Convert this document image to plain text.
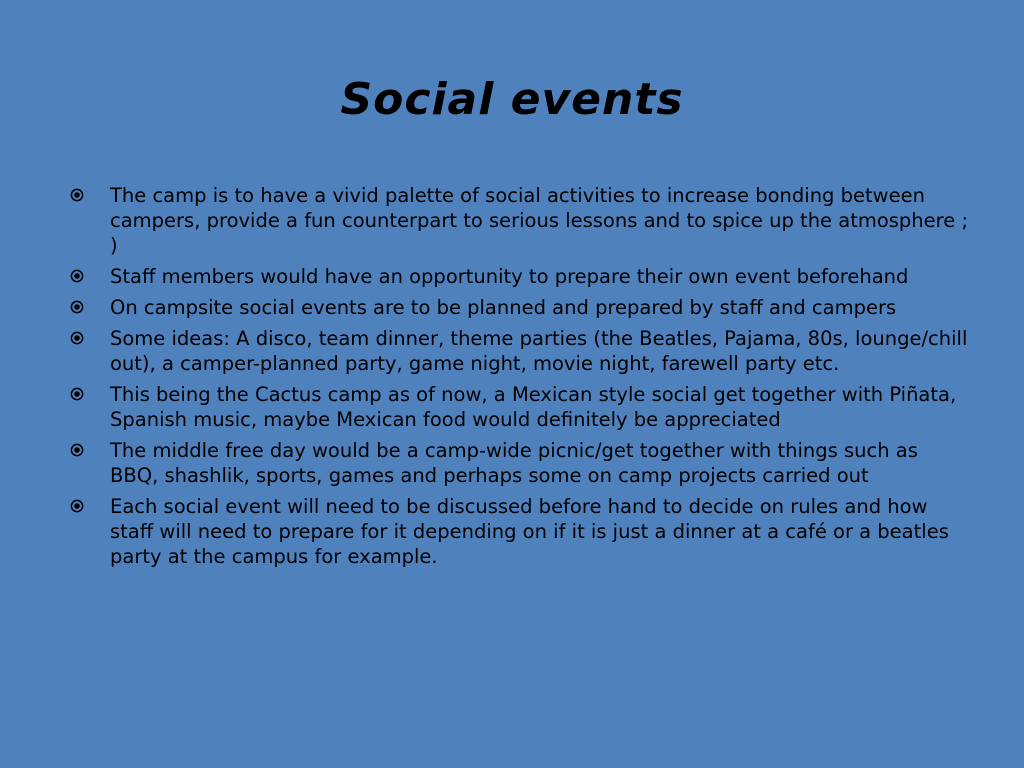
Social events
The camp is to have a vivid palette of social activities to increase bonding between campers, provide a fun counterpart to serious lessons and to spice up the atmosphere ; )
Staff members would have an opportunity to prepare their own event beforehand
On campsite social events are to be planned and prepared by staff and campers
Some ideas: A disco, team dinner, theme parties (the Beatles, Pajama, 80s, lounge/chill out), a camper-planned party, game night, movie night, farewell party etc.
This being the Cactus camp as of now, a Mexican style social get together with Piñata, Spanish music, maybe Mexican food would definitely be appreciated
The middle free day would be a camp-wide picnic/get together with things such as BBQ, shashlik, sports, games and perhaps some on camp projects carried out
Each social event will need to be discussed before hand to decide on rules and how staff will need to prepare for it depending on if it is just a dinner at a café or a beatles party at the campus for example.
